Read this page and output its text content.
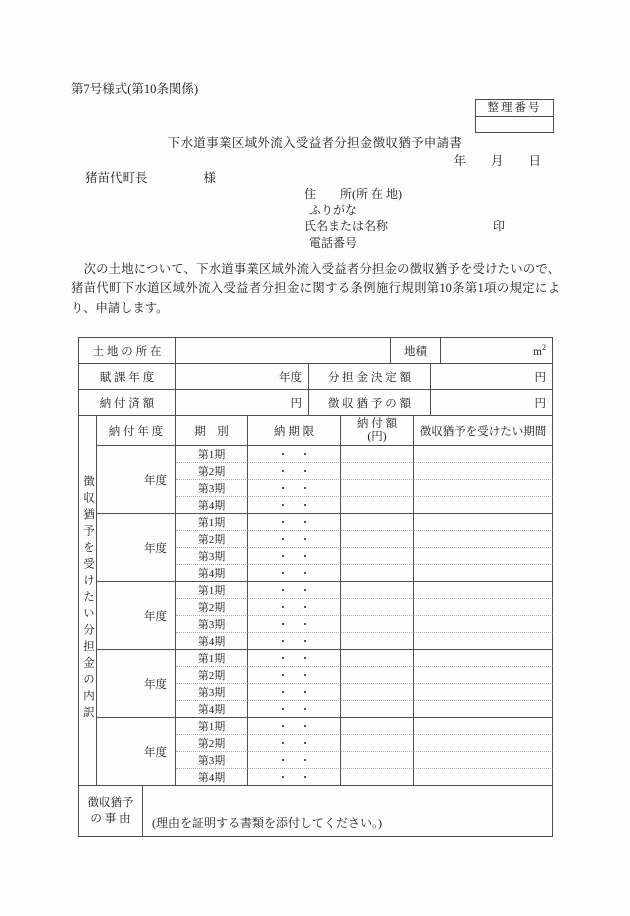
第7号様式(第10条関係)
整理番号
下水道事業区域外流入受益者分担金徴収猶予申請書
年　　月　　日
猪苗代町長	様
住　　所(所 在 地)
ふりがな
氏名または名称	印
電話番号
　次の土地について、下水道事業区域外流入受益者分担金の徴収猶予を受けたいので、猪苗代町下水道区域外流入受益者分担金に関する条例施行規則第10条第1項の規定により、申請します。
土 地 の 所 在			地積		$m^2$
賦 課 年 度	年度	分 担 金 決 定 額		円	
納 付 済 額	円	徴 収 猶 予 の 額		円	
徴収猶予を受けたい分担金の内訳	納 付 年 度	期　別	納 期 限	納 付 額
(円)	徴収猶予を受けたい期間
	年度	第1期	・　・		
		第2期	・　・		
		第3期	・　・		
		第4期	・　・		
	年度	第1期	・　・		
		第2期	・　・		
		第3期	・　・		
		第4期	・　・		
	年度	第1期	・　・		
		第2期	・　・		
		第3期	・　・		
		第4期	・　・		
	年度	第1期	・　・		
		第2期	・　・		
		第3期	・　・		
		第4期	・　・		
	年度	第1期	・　・		
		第2期	・　・		
		第3期	・　・		
		第4期	・　・		
徴収猶予
の 事 由	(理由を証明する書類を添付してください。)
